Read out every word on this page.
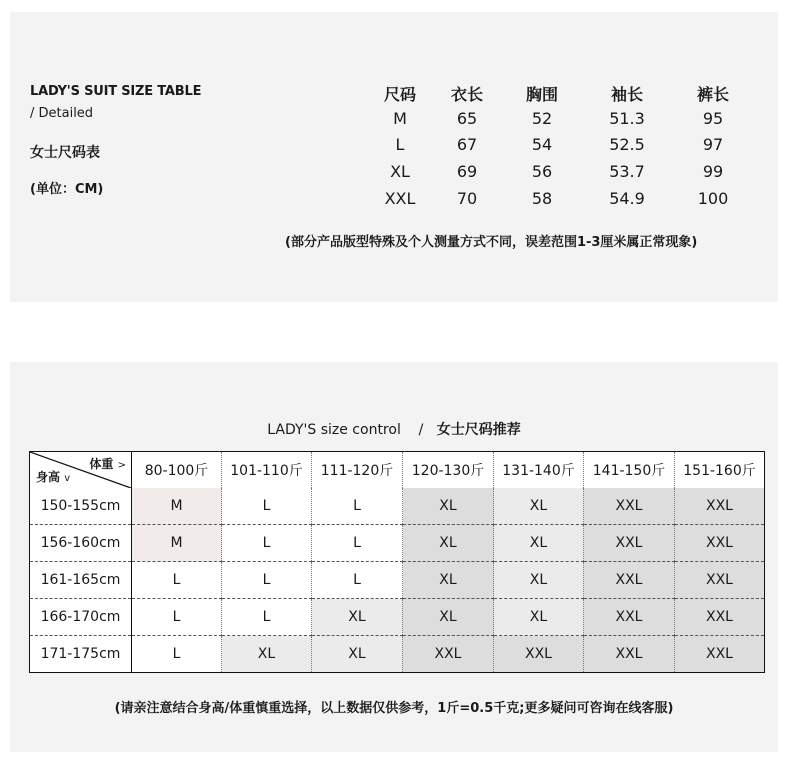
LADY'S SUIT SIZE TABLE
/ Detailed
女士尺码表
(单位：CM)
尺码 衣长	胸围	袖长	裤长
M	65	52	51.3	95
L	67	54	52.5	97
XL	69	56	53.7	99
XXL	70	58	54.9	100
(部分产品版型特殊及个人测量方式不同，误差范围1-3厘米属正常现象)
LADY'S size control / 女士尺码推荐
体重 >
身高 v	80-100斤	101-110斤	111-120斤	120-130斤	131-140斤	141-150斤	151-160斤
150-155cm	M	L	L	XL	XL	XXL	XXL
156-160cm	M	L	L	XL	XL	XXL	XXL
161-165cm	L	L	L	XL	XL	XXL	XXL
166-170cm	L	L	XL	XL	XL	XXL	XXL
171-175cm	L	XL	XL	XXL	XXL	XXL	XXL
(请亲注意结合身高/体重慎重选择，以上数据仅供参考，1斤=0.5千克;更多疑问可咨询在线客服)
